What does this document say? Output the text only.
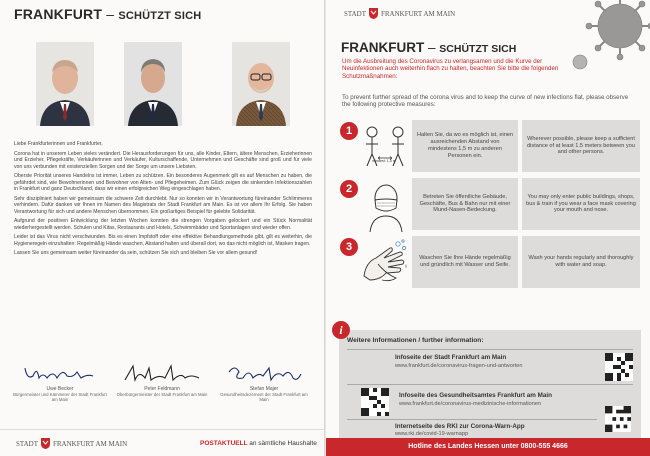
FRANKFURT – SCHÜTZT SICH

Liebe Frankfurterinnen und Frankfurter,

Corona hat in unserem Leben vieles verändert. Die Herausforderungen für uns, alle Kinder, Eltern, ältere Menschen, Erzieherinnen und Erzieher, Pflegekräfte, Verkäuferinnen und Verkäufer, Kulturschaffende, Unternehmen und Geschäfte sind groß und für viele von uns verbunden mit existenziellen Sorgen und der Sorge um unsere Liebsten.

Oberste Priorität unseres Handelns ist immer, Leben zu schützen. Ein besonderes Augenmerk gilt es auf Menschen zu haben, die gefährdet sind, wie Bewohnerinnen und Bewohner von Alten- und Pflegeheimen. Zum Glück zeigen die sinkenden Infektionszahlen in Frankfurt und ganz Deutschland, dass wir einen erfolgreichen Weg eingeschlagen haben.

Sehr diszipliniert haben wir gemeinsam die schwere Zeit durchlebt. Nur so konnten wir in Verantwortung füreinander Schlimmeres verhindern. Dafür danken wir Ihnen im Namen des Magistrats der Stadt Frankfurt am Main. Es ist vor allem Ihr Erfolg. Sie haben Verantwortung für sich und andere Menschen übernommen. Ein großartiges Beispiel für gelebte Solidarität.

Aufgrund der positiven Entwicklung der letzten Wochen konnten die strengen Vorgaben gelockert und ein Stück Normalität wiederhergestellt werden. Schulen und Kitas, Restaurants und Hotels, Schwimmbäder und Sportanlagen sind wieder offen.

Leider ist das Virus nicht verschwunden. Bis es einen Impfstoff oder eine effektive Behandlungsmethode gibt, gilt es weiterhin, die Hygieneregeln einzuhalten: Regelmäßig Hände waschen, Abstand halten und überall dort, wo das nicht möglich ist, Masken tragen.

Lassen Sie uns gemeinsam weiter füreinander da sein, schützen Sie sich und bleiben Sie vor allem gesund!

Uwe Becker
Bürgermeister und Kämmerer der Stadt Frankfurt am Main
Peter Feldmann
Oberbürgermeister der Stadt Frankfurt am Main
Stefan Majer
Gesundheitsdezernent der Stadt Frankfurt am Main
STADT FRANKFURT AM MAIN	POSTAKTUELL an sämtliche Haushalte
STADT FRANKFURT AM MAIN
FRANKFURT – SCHÜTZT SICH
Um die Ausbreitung des Coronavirus zu verlangsamen und die Kurve der Neuinfektionen auch weiterhin flach zu halten, beachten Sie bitte die folgenden Schutzmaßnahmen:
To prevent further spread of the corona virus and to keep the curve of new infections flat, please observe the following protective measures:
1
mindest. 1,5 m
Halten Sie, da wo es möglich ist, einen ausreichenden Abstand von mindestens 1,5 m zu anderen Personen ein.
Wherever possible, please keep a sufficient distance of at least 1.5 meters between you and other persons.
2
Betreten Sie öffentliche Gebäude, Geschäfte, Bus & Bahn nur mit einer Mund-Nasen-Bedeckung.
You may only enter public buildings, shops, bus & train if you wear a face mask covering your mouth and nose.
3
Waschen Sie Ihre Hände regelmäßig und gründlich mit Wasser und Seife.
Wash your hands regularly and thoroughly with water and soap.
i
Weitere Informationen / further information:
Infoseite der Stadt Frankfurt am Main
www.frankfurt.de/coronavirus-fragen-und-antworten
Infoseite des Gesundheitsamtes Frankfurt am Main
www.frankfurt.de/coronavirus-medizinische-informationen
Internetseite des RKI zur Corona-Warn-App
www.rki.de/covid-19-warnapp
Hotline des Landes Hessen unter 0800-555 4666
